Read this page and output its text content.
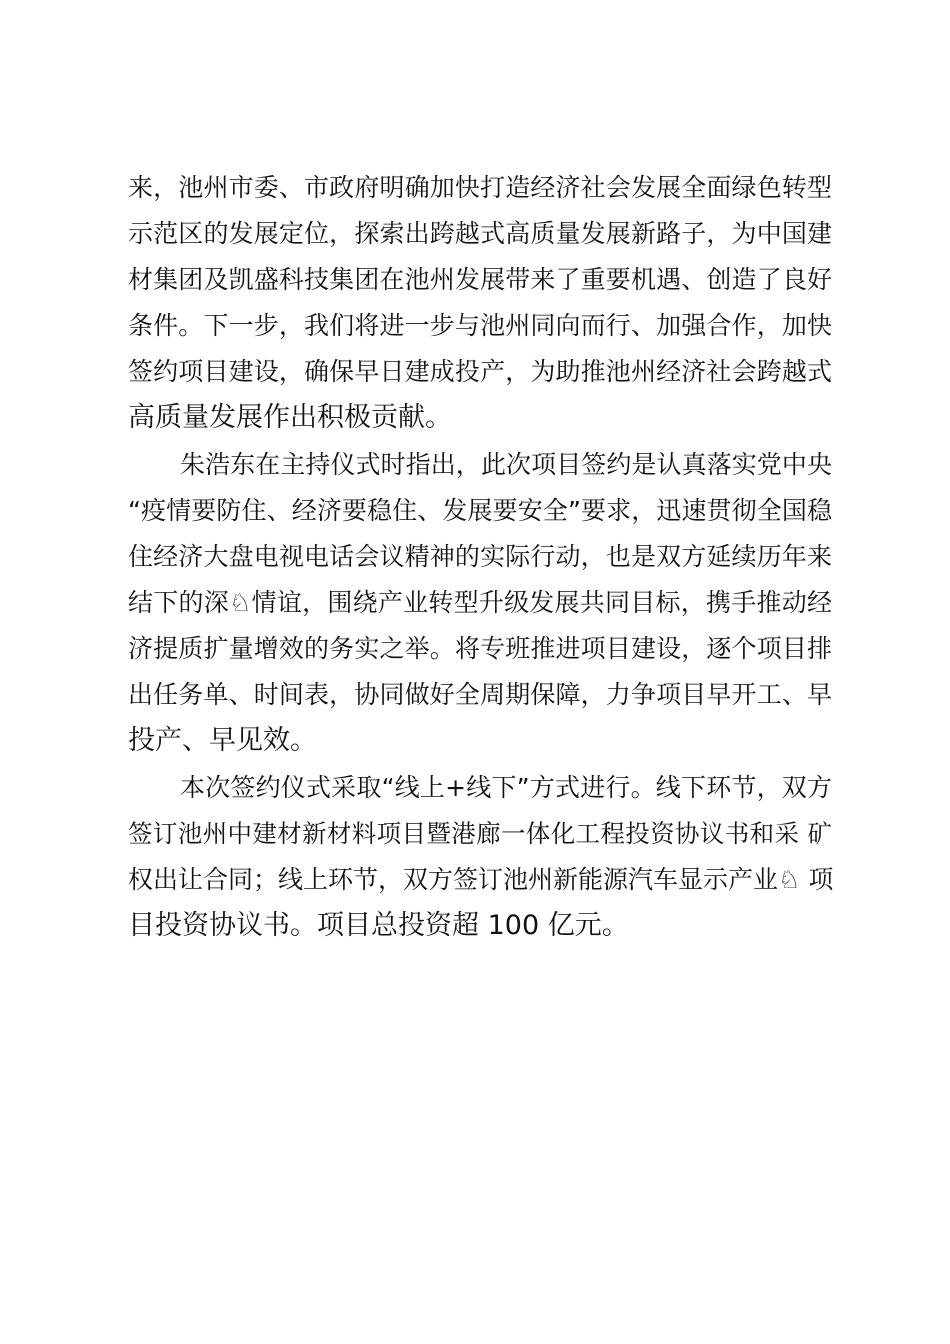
来，池州市委、市政府明确加快打造经济社会发展全面绿色转型
示范区的发展定位，探索出跨越式高质量发展新路子，为中国建
材集团及凯盛科技集团在池州发展带来了重要机遇、创造了良好
条件。下一步，我们将进一步与池州同向而行、加强合作，加快
签约项目建设，确保早日建成投产，为助推池州经济社会跨越式
高质量发展作出积极贡献。
朱浩东在主持仪式时指出，此次项目签约是认真落实党中央
“疫情要防住、经济要稳住、发展要安全”要求，迅速贯彻全国稳
住经济大盘电视电话会议精神的实际行动，也是双方延续历年来
结下的深♘情谊，围绕产业转型升级发展共同目标，携手推动经
济提质扩量增效的务实之举。将专班推进项目建设，逐个项目排
出任务单、时间表，协同做好全周期保障，力争项目早开工、早
投产、早见效。
本次签约仪式采取“线上+线下”方式进行。线下环节，双方
签订池州中建材新材料项目暨港廊一体化工程投资协议书和采 矿
权出让合同；线上环节，双方签订池州新能源汽车显示产业♘ 项
目投资协议书。项目总投资超 100 亿元。
